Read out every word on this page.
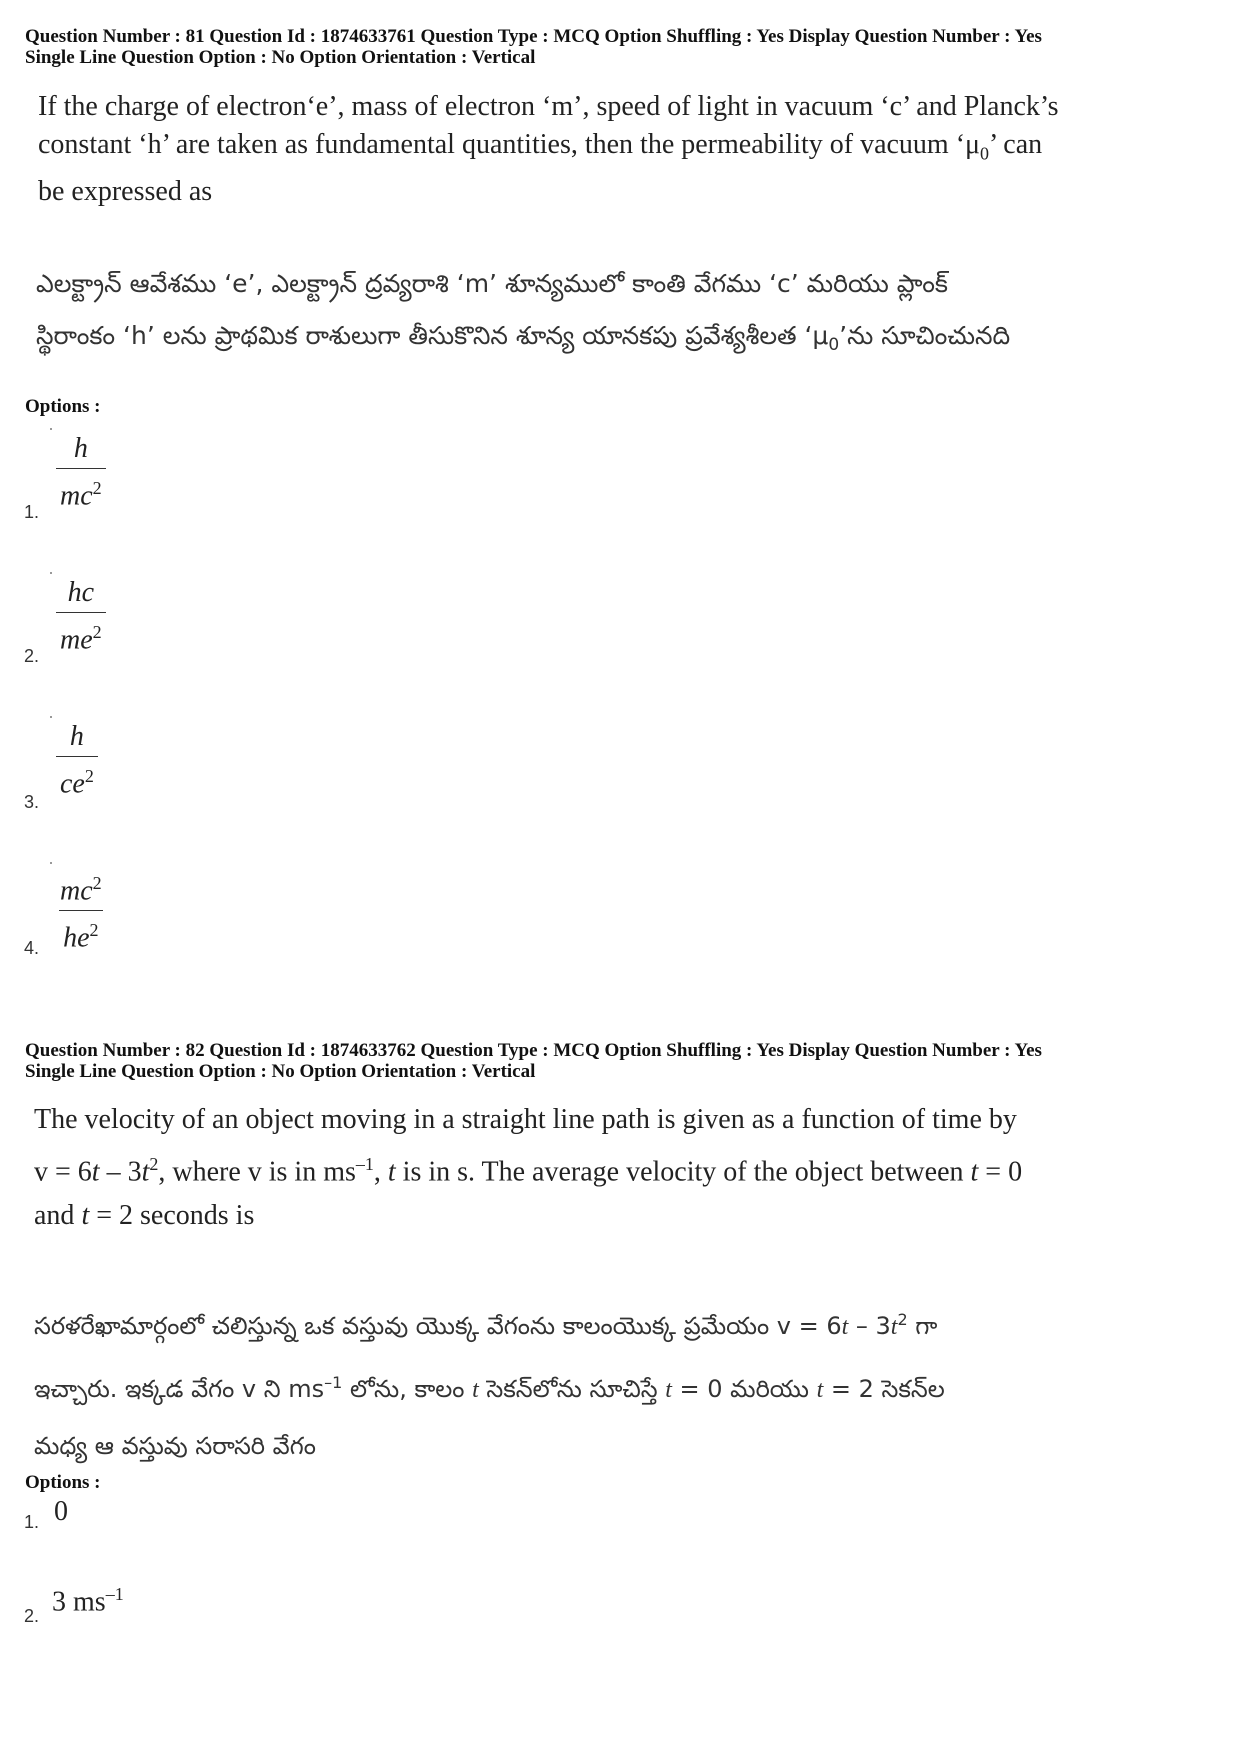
Question Number : 81 Question Id : 1874633761 Question Type : MCQ Option Shuffling : Yes Display Question Number : Yes
Single Line Question Option : No Option Orientation : Vertical
If the charge of electron‘e’, mass of electron ‘m’, speed of light in vacuum ‘c’ and Planck’s
constant ‘h’ are taken as fundamental quantities, then the permeability of vacuum ‘$\mu_0$’ can
be expressed as
ఎలక్ట్రాన్ ఆవేశము ‘e’, ఎలక్ట్రాన్ ద్రవ్యరాశి ‘m’ శూన్యములో కాంతి వేగము ‘c’ మరియు ప్లాంక్
స్థిరాంకం ‘h’ లను ప్రాథమిక రాశులుగా తీసుకొనిన శూన్య యానకపు ప్రవేశ్యశీలత ‘$\mu_0’ను$ సూచించునది
Options :
$\frac{h}{mc^2}$
1.
$\frac{hc}{me^2}$
2.
$\frac{h}{ce^2}$
3.
$\frac{mc^2}{he^2}$
4.
Question Number : 82 Question Id : 1874633762 Question Type : MCQ Option Shuffling : Yes Display Question Number : Yes
Single Line Question Option : No Option Orientation : Vertical
The velocity of an object moving in a straight line path is given as a function of time by
$v = 6t - 3t^2$, where v is in $ms^{-1}$, t is in s. The average velocity of the object between t = 0
and t = 2 seconds is
సరళరేఖామార్గంలో చలిస్తున్న ఒక వస్తువు యొక్క వేగంను కాలంయొక్క ప్రమేయం $v = 6t - 3t^2$ గా
ఇచ్చారు. ఇక్కడ వేగం v ని $ms^{-1}$ లోను, కాలం t సెకన్‌లోను సూచిస్తే t = 0 మరియు t = 2 సెకన్‌ల
మధ్య ఆ వస్తువు సరాసరి వేగం
Options :
1. 0
2. 3 $ms^{-1}$
